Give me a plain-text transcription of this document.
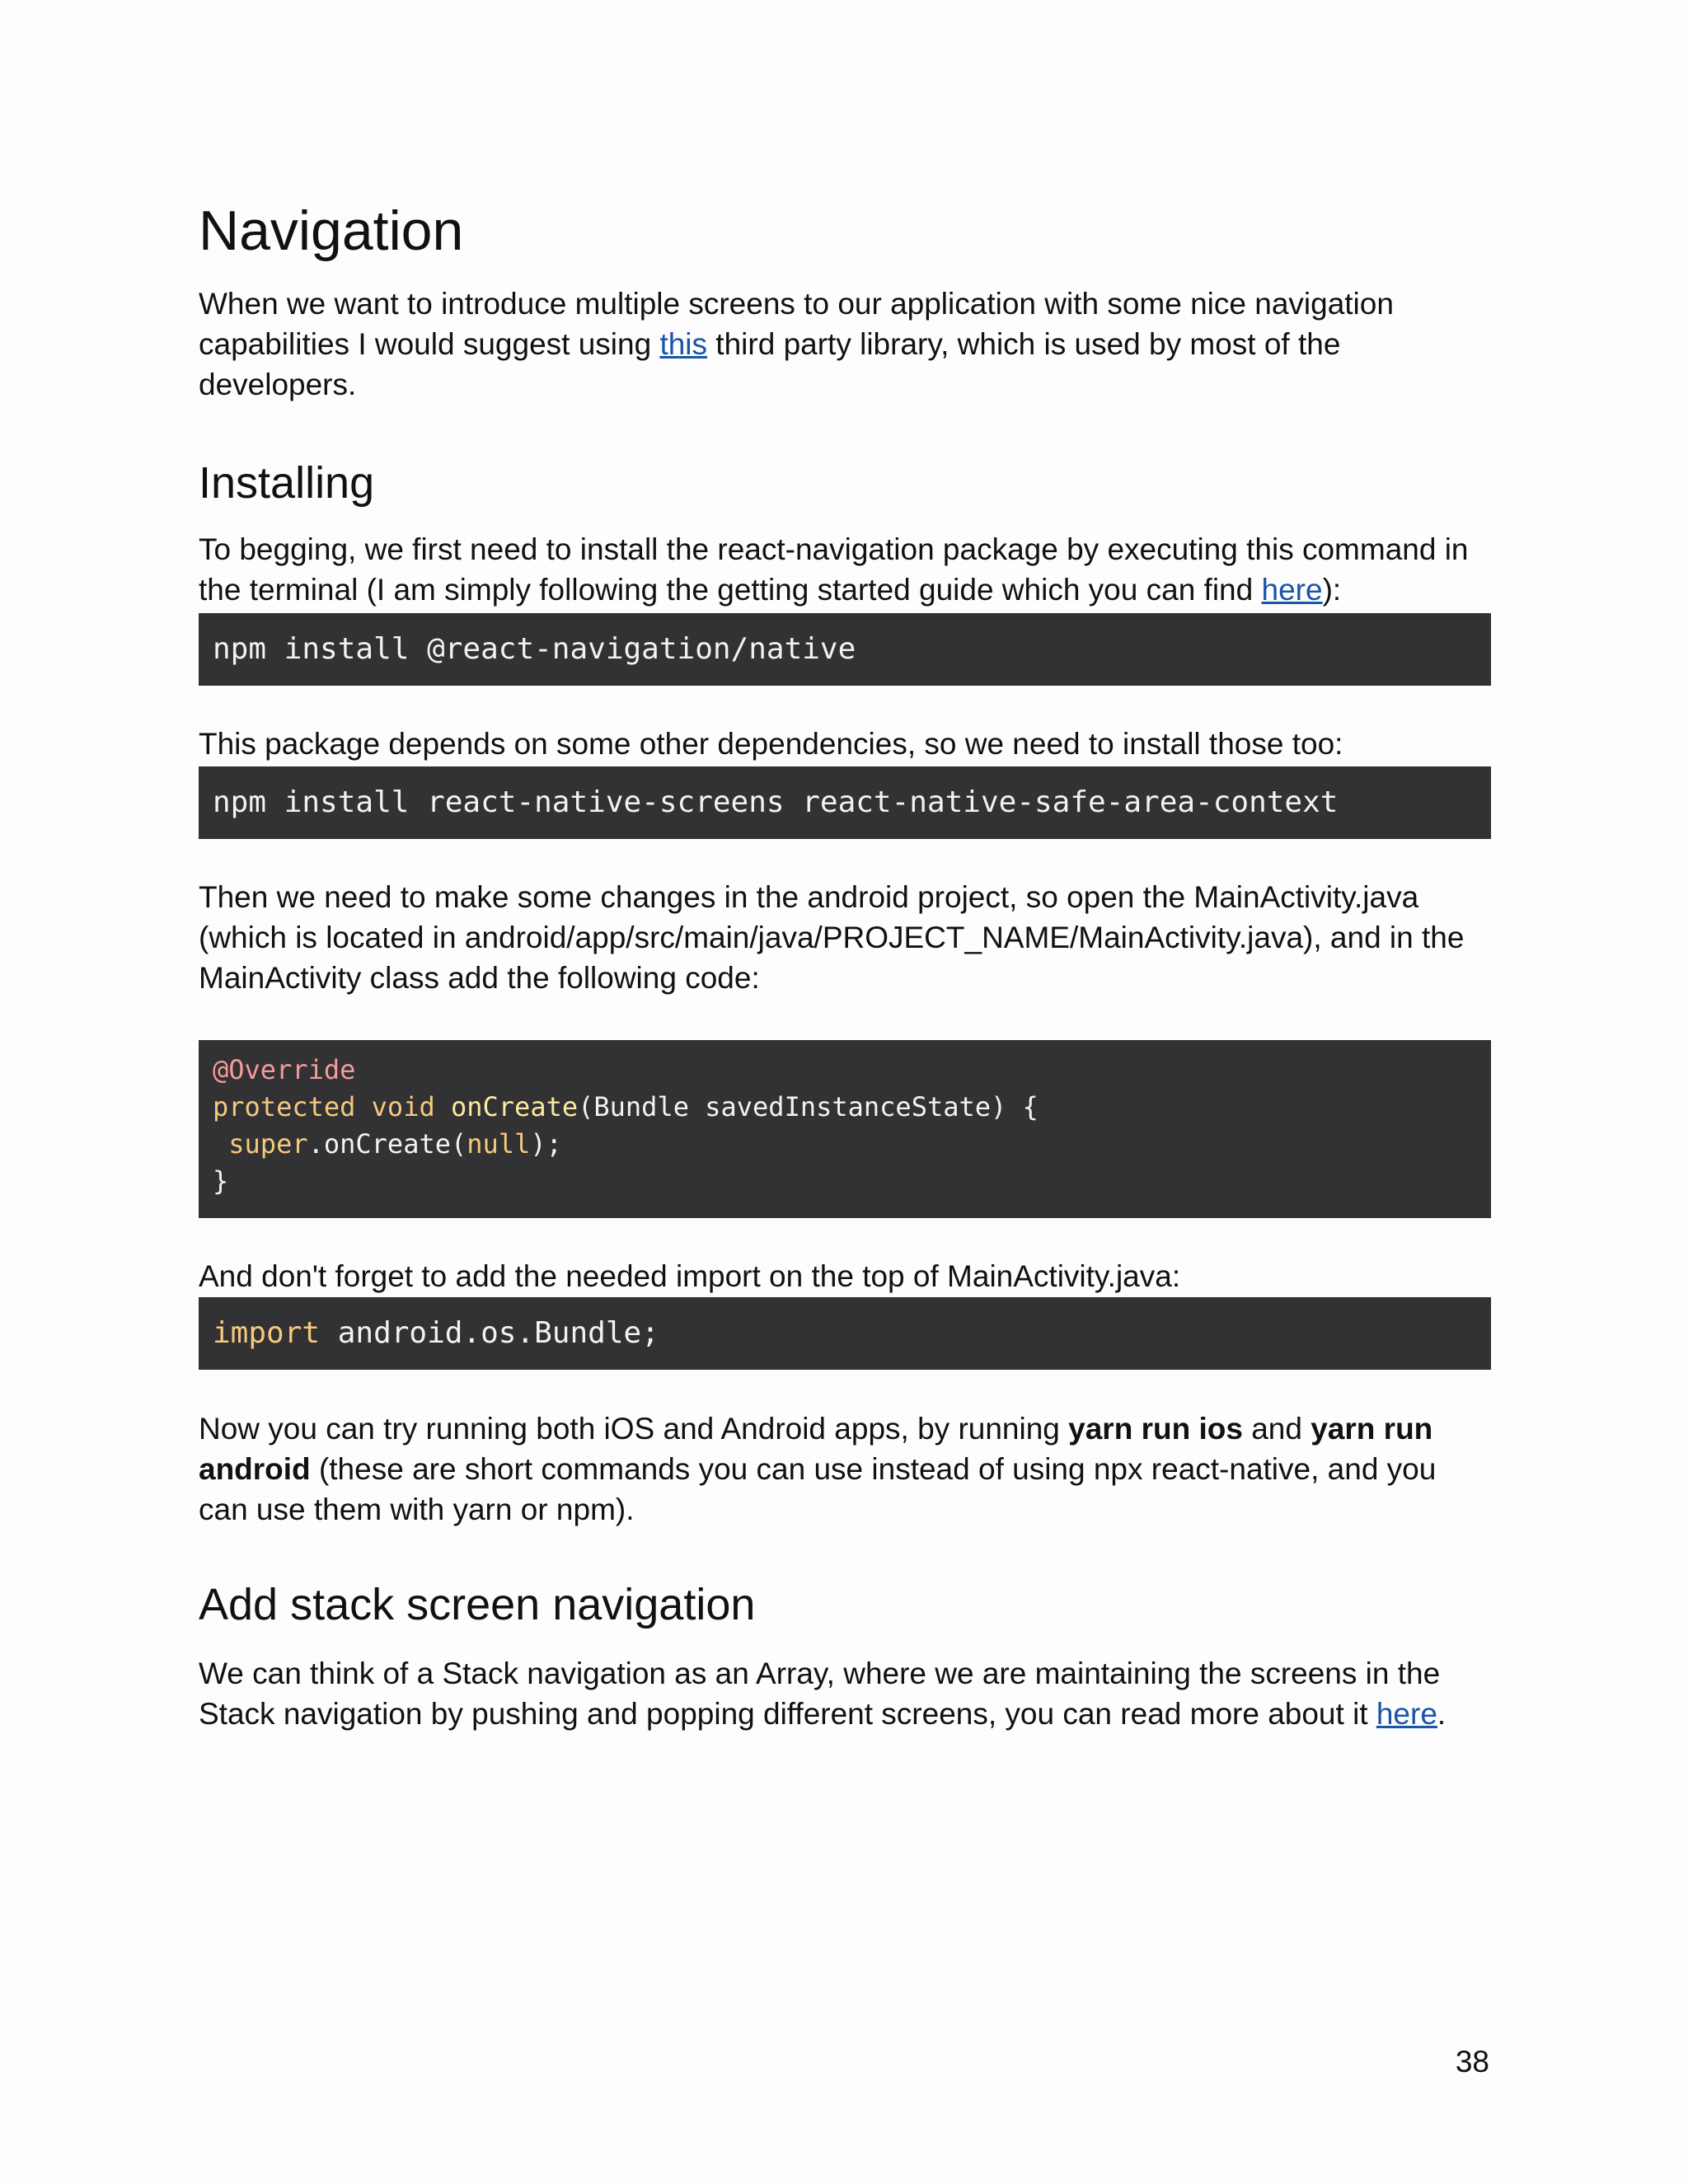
Navigation

When we want to introduce multiple screens to our application with some nice navigation capabilities I would suggest using this third party library, which is used by most of the developers.

Installing

To begging, we first need to install the react-navigation package by executing this command in the terminal (I am simply following the getting started guide which you can find here):

npm install @react-navigation/native

This package depends on some other dependencies, so we need to install those too:

npm install react-native-screens react-native-safe-area-context

Then we need to make some changes in the android project, so open the MainActivity.java (which is located in android/app/src/main/java/PROJECT_NAME/MainActivity.java), and in the MainActivity class add the following code:

@Override
protected void onCreate(Bundle savedInstanceState) {
super.onCreate(null);
}

And don't forget to add the needed import on the top of MainActivity.java:

import android.os.Bundle;

Now you can try running both iOS and Android apps, by running yarn run ios and yarn run android (these are short commands you can use instead of using npx react-native, and you can use them with yarn or npm).

Add stack screen navigation

We can think of a Stack navigation as an Array, where we are maintaining the screens in the Stack navigation by pushing and popping different screens, you can read more about it here.

38
